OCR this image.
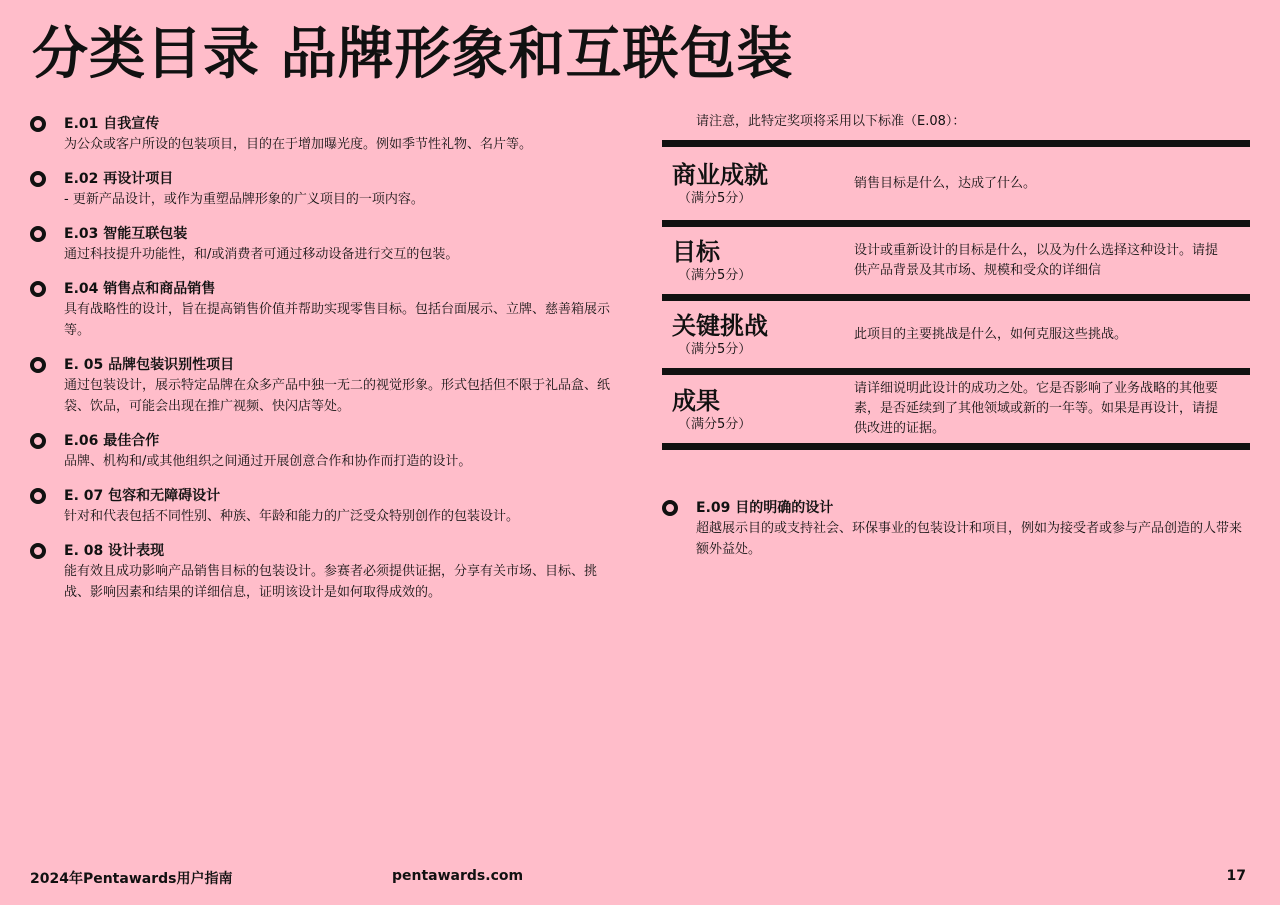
分类目录 品牌形象和互联包装
E.01 自我宣传
为公众或客户所设的包装项目，目的在于增加曝光度。例如季节性礼物、名片等。
E.02 再设计项目
- 更新产品设计，或作为重塑品牌形象的广义项目的一项内容。
E.03 智能互联包装
通过科技提升功能性，和/或消费者可通过移动设备进行交互的包装。
E.04 销售点和商品销售
具有战略性的设计，旨在提高销售价值并帮助实现零售目标。包括台面展示、立牌、慈善箱展示等。
E. 05 品牌包装识别性项目
通过包装设计，展示特定品牌在众多产品中独一无二的视觉形象。形式包括但不限于礼品盒、纸袋、饮品，可能会出现在推广视频、快闪店等处。
E.06 最佳合作
品牌、机构和/或其他组织之间通过开展创意合作和协作而打造的设计。
E. 07 包容和无障碍设计
针对和代表包括不同性别、种族、年龄和能力的广泛受众特别创作的包装设计。
E. 08 设计表现
能有效且成功影响产品销售目标的包装设计。参赛者必须提供证据，分享有关市场、目标、挑战、影响因素和结果的详细信息，证明该设计是如何取得成效的。
请注意，此特定奖项将采用以下标准（E.08）：
商业成就
（满分5分）
销售目标是什么，达成了什么。
目标
（满分5分）
设计或重新设计的目标是什么，以及为什么选择这种设计。请提供产品背景及其市场、规模和受众的详细信
关键挑战
（满分5分）
此项目的主要挑战是什么，如何克服这些挑战。
成果
（满分5分）
请详细说明此设计的成功之处。它是否影响了业务战略的其他要素，是否延续到了其他领域或新的一年等。如果是再设计，请提供改进的证据。
E.09 目的明确的设计
超越展示目的或支持社会、环保事业的包装设计和项目，例如为接受者或参与产品创造的人带来额外益处。
2024年Pentawards用户指南	pentawards.com	17
